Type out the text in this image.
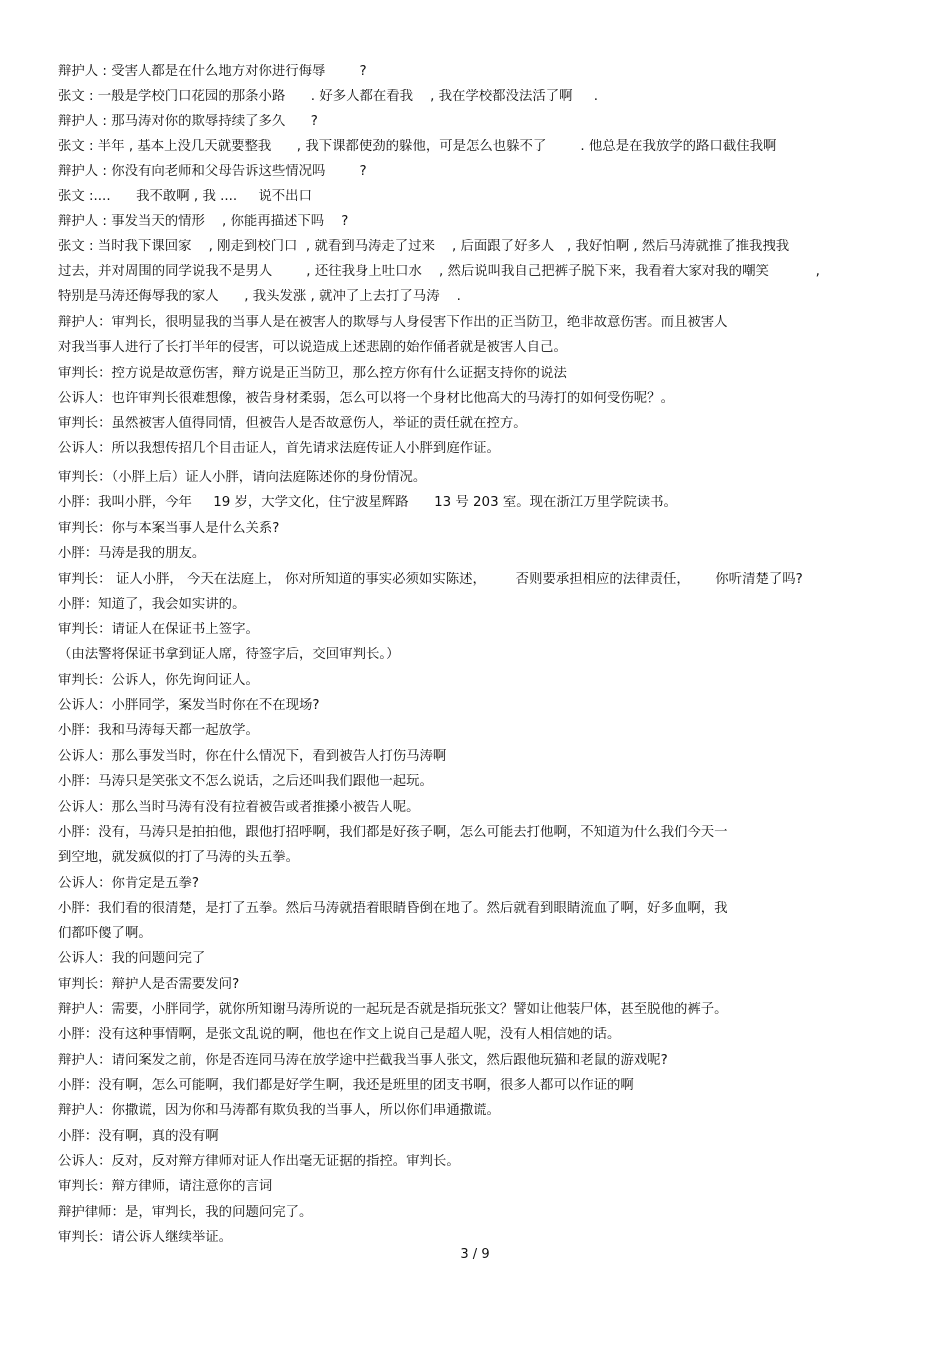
辩护人 : 受害人都是在什么地方对你进行侮辱        ?
张文 : 一般是学校门口花园的那条小路      . 好多人都在看我    , 我在学校都没法活了啊     .
辩护人 : 那马涛对你的欺辱持续了多久      ?
张文 : 半年 , 基本上没几天就要整我      , 我下课都使劲的躲他，可是怎么也躲不了        . 他总是在我放学的路口截住我啊
辩护人 : 你没有向老师和父母告诉这些情况吗        ?
张文 :....      我不敢啊 , 我 ....     说不出口
辩护人 : 事发当天的情形    , 你能再描述下吗    ?
张文 : 当时我下课回家    , 刚走到校门口  , 就看到马涛走了过来    , 后面跟了好多人   , 我好怕啊 , 然后马涛就推了推我拽我
过去，并对周围的同学说我不是男人        , 还往我身上吐口水    , 然后说叫我自己把裤子脱下来，我看着大家对我的嘲笑           ,
特别是马涛还侮辱我的家人      , 我头发涨 , 就冲了上去打了马涛    .
辩护人：审判长，很明显我的当事人是在被害人的欺辱与人身侵害下作出的正当防卫，绝非故意伤害。而且被害人
对我当事人进行了长打半年的侵害，可以说造成上述悲剧的始作俑者就是被害人自己。
审判长：控方说是故意伤害，辩方说是正当防卫，那么控方你有什么证据支持你的说法
公诉人：也许审判长很难想像，被告身材柔弱，怎么可以将一个身材比他高大的马涛打的如何受伤呢？。
审判长：虽然被害人值得同情，但被告人是否故意伤人，举证的责任就在控方。
公诉人：所以我想传招几个目击证人，首先请求法庭传证人小胖到庭作证。
审判长：（小胖上后）证人小胖，请向法庭陈述你的身份情况。
小胖：我叫小胖，今年     19 岁，大学文化，住宁波星辉路      13 号 203 室。现在浙江万里学院读书。
审判长：你与本案当事人是什么关系?
小胖：马涛是我的朋友。
审判长： 证人小胖， 今天在法庭上， 你对所知道的事实必须如实陈述，       否则要承担相应的法律责任，      你听清楚了吗?
小胖：知道了，我会如实讲的。
审判长：请证人在保证书上签字。
（由法警将保证书拿到证人席，待签字后，交回审判长。）
审判长：公诉人，你先询问证人。
公诉人：小胖同学，案发当时你在不在现场?
小胖：我和马涛每天都一起放学。
公诉人：那么事发当时，你在什么情况下，看到被告人打伤马涛啊
小胖：马涛只是笑张文不怎么说话，之后还叫我们跟他一起玩。
公诉人：那么当时马涛有没有拉着被告或者推搡小被告人呢。
小胖：没有，马涛只是拍拍他，跟他打招呼啊，我们都是好孩子啊，怎么可能去打他啊，不知道为什么我们今天一
到空地，就发疯似的打了马涛的头五拳。
公诉人：你肯定是五拳?
小胖：我们看的很清楚，是打了五拳。然后马涛就捂着眼睛昏倒在地了。然后就看到眼睛流血了啊，好多血啊，我
们都吓傻了啊。
公诉人：我的问题问完了
审判长：辩护人是否需要发问?
辩护人：需要，小胖同学，就你所知谢马涛所说的一起玩是否就是指玩张文？譬如让他装尸体，甚至脱他的裤子。
小胖：没有这种事情啊，是张文乱说的啊，他也在作文上说自己是超人呢，没有人相信她的话。
辩护人：请问案发之前，你是否连同马涛在放学途中拦截我当事人张文，然后跟他玩猫和老鼠的游戏呢?
小胖：没有啊，怎么可能啊，我们都是好学生啊，我还是班里的团支书啊，很多人都可以作证的啊
辩护人：你撒谎，因为你和马涛都有欺负我的当事人，所以你们串通撒谎。
小胖：没有啊，真的没有啊
公诉人：反对，反对辩方律师对证人作出毫无证据的指控。审判长。
审判长：辩方律师，请注意你的言词
辩护律师：是，审判长，我的问题问完了。
审判长：请公诉人继续举证。
3 / 9
